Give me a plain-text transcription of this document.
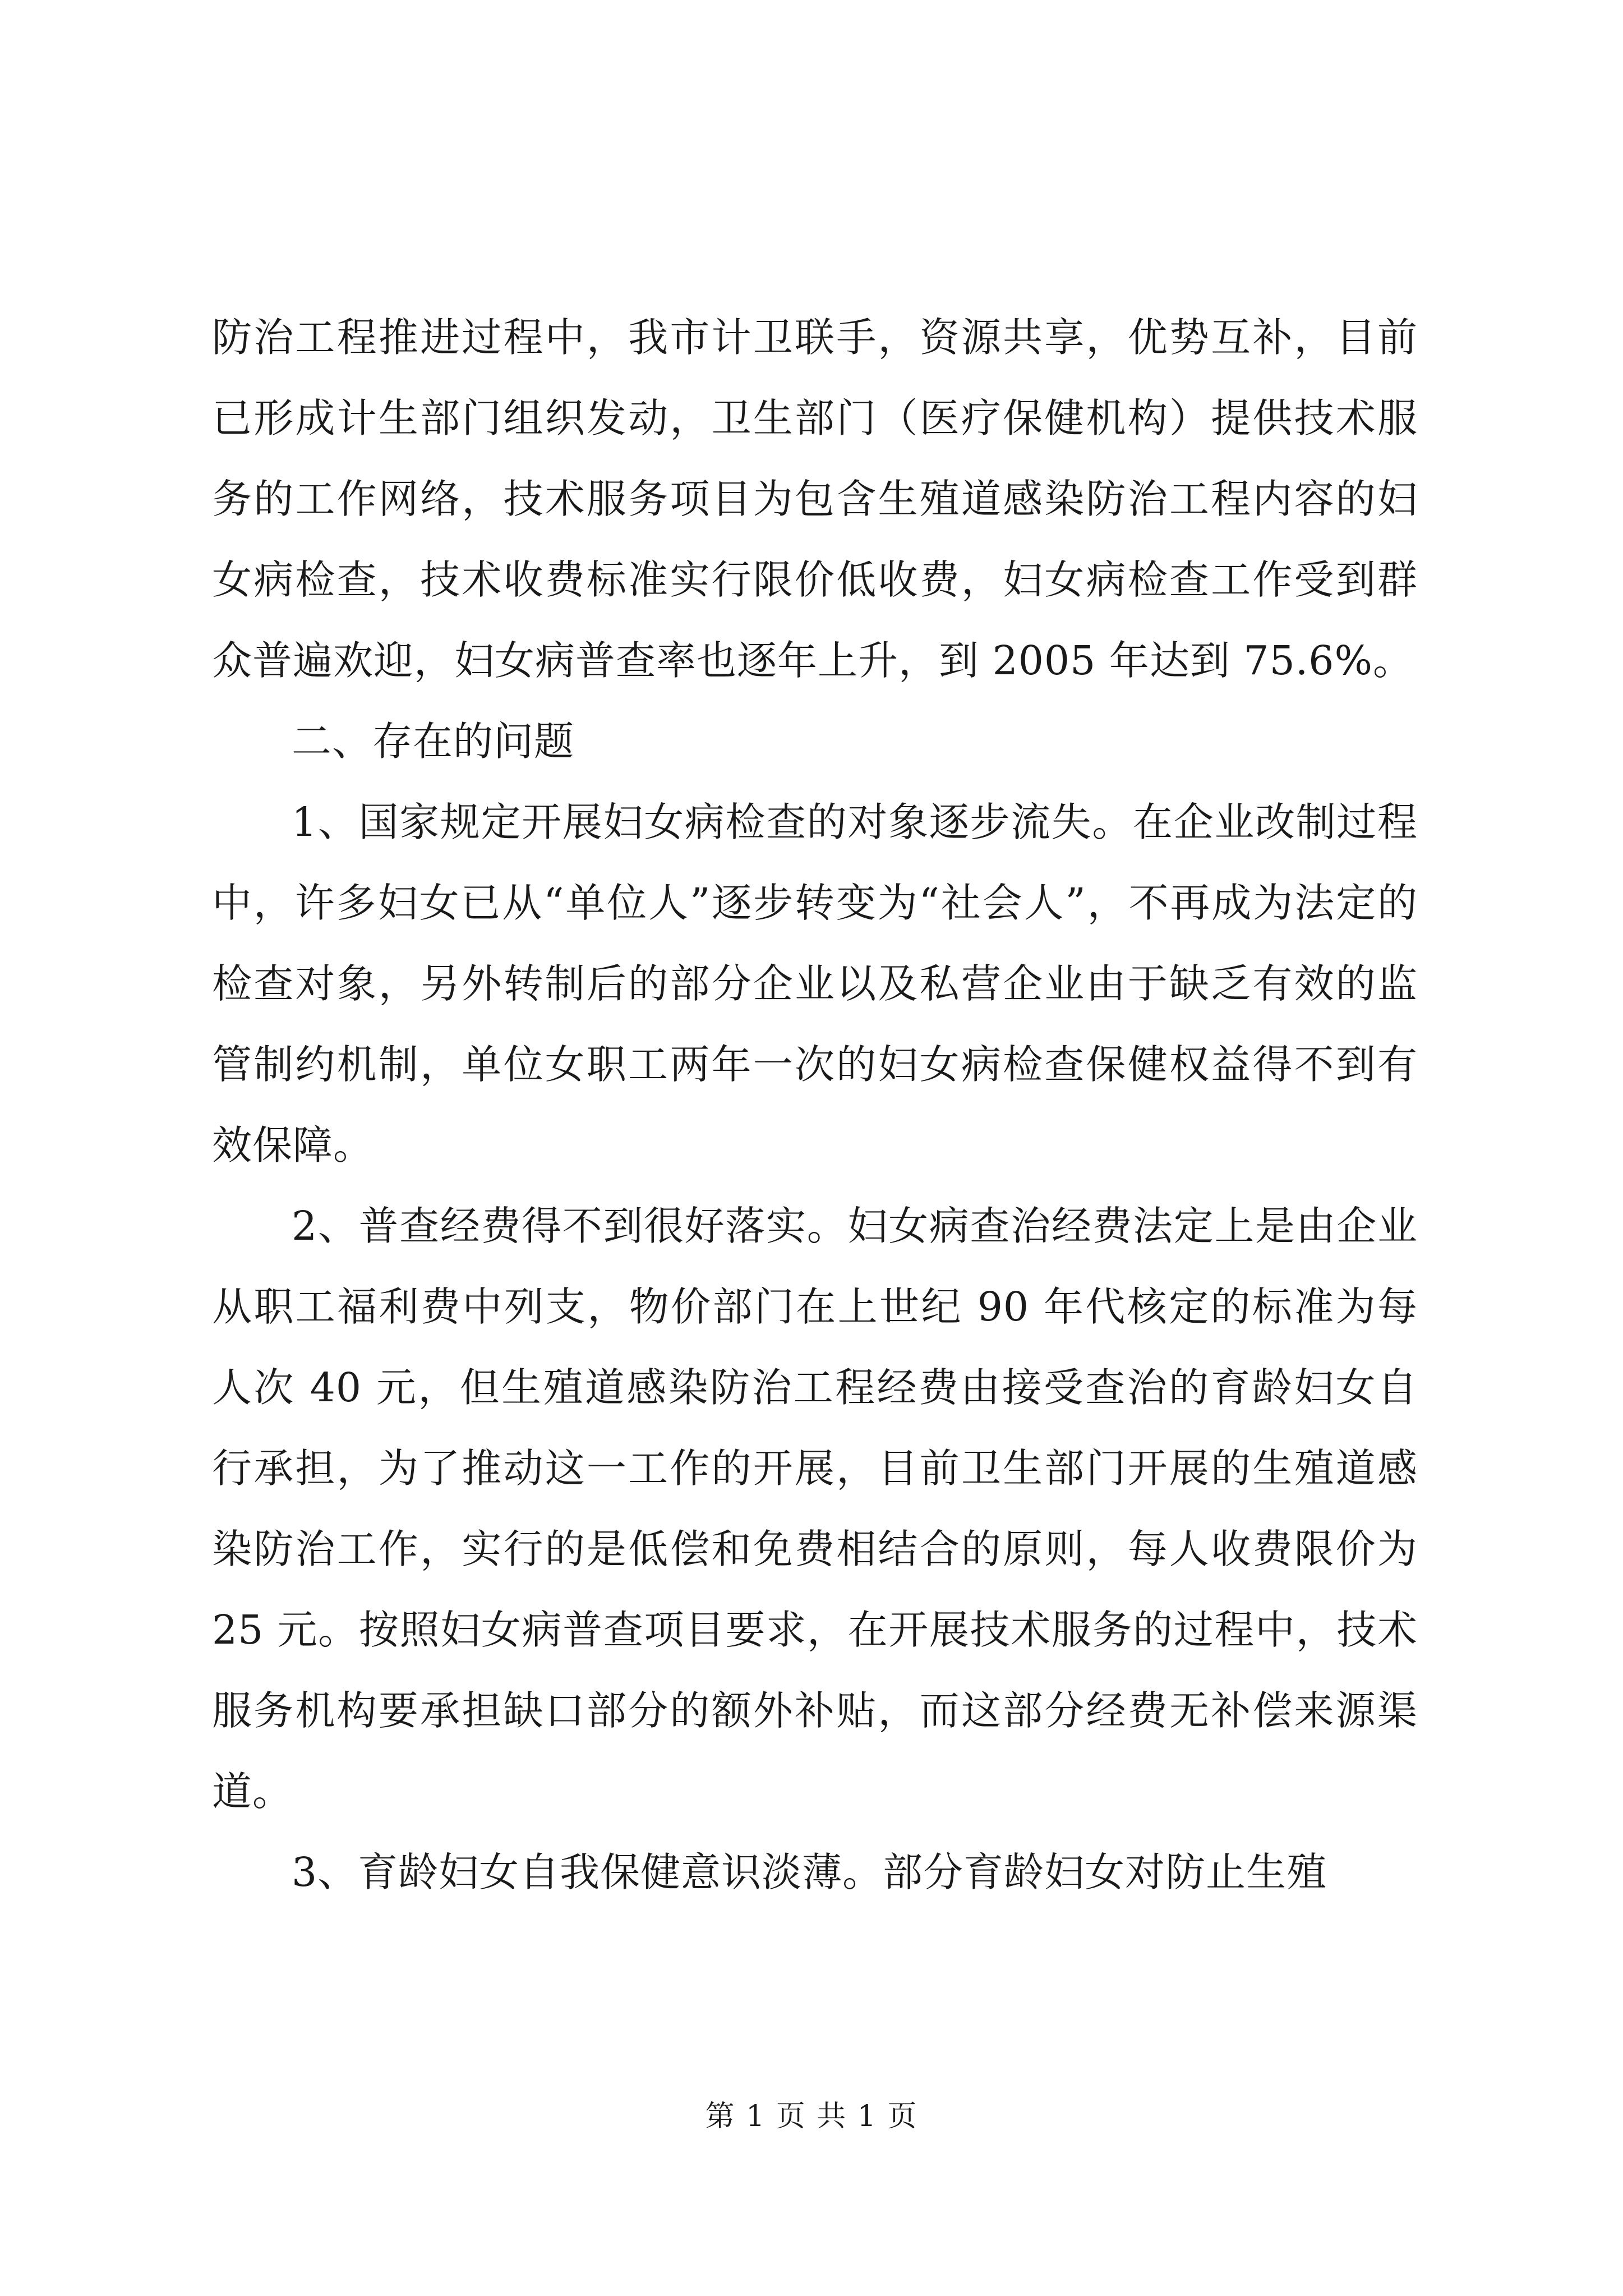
防治工程推进过程中，我市计卫联手，资源共享，优势互补，目前已形成计生部门组织发动，卫生部门（医疗保健机构）提供技术服务的工作网络，技术服务项目为包含生殖道感染防治工程内容的妇女病检查，技术收费标准实行限价低收费，妇女病检查工作受到群众普遍欢迎，妇女病普查率也逐年上升，到 2005 年达到 75.6%。

二、存在的问题

1、国家规定开展妇女病检查的对象逐步流失。在企业改制过程中，许多妇女已从“单位人”逐步转变为“社会人”，不再成为法定的检查对象，另外转制后的部分企业以及私营企业由于缺乏有效的监管制约机制，单位女职工两年一次的妇女病检查保健权益得不到有效保障。

2、普查经费得不到很好落实。妇女病查治经费法定上是由企业从职工福利费中列支，物价部门在上世纪 90 年代核定的标准为每人次 40 元，但生殖道感染防治工程经费由接受查治的育龄妇女自行承担，为了推动这一工作的开展，目前卫生部门开展的生殖道感染防治工作，实行的是低偿和免费相结合的原则，每人收费限价为 25 元。按照妇女病普查项目要求，在开展技术服务的过程中，技术服务机构要承担缺口部分的额外补贴，而这部分经费无补偿来源渠道。

3、育龄妇女自我保健意识淡薄。部分育龄妇女对防止生殖

第 1 页 共 1 页
